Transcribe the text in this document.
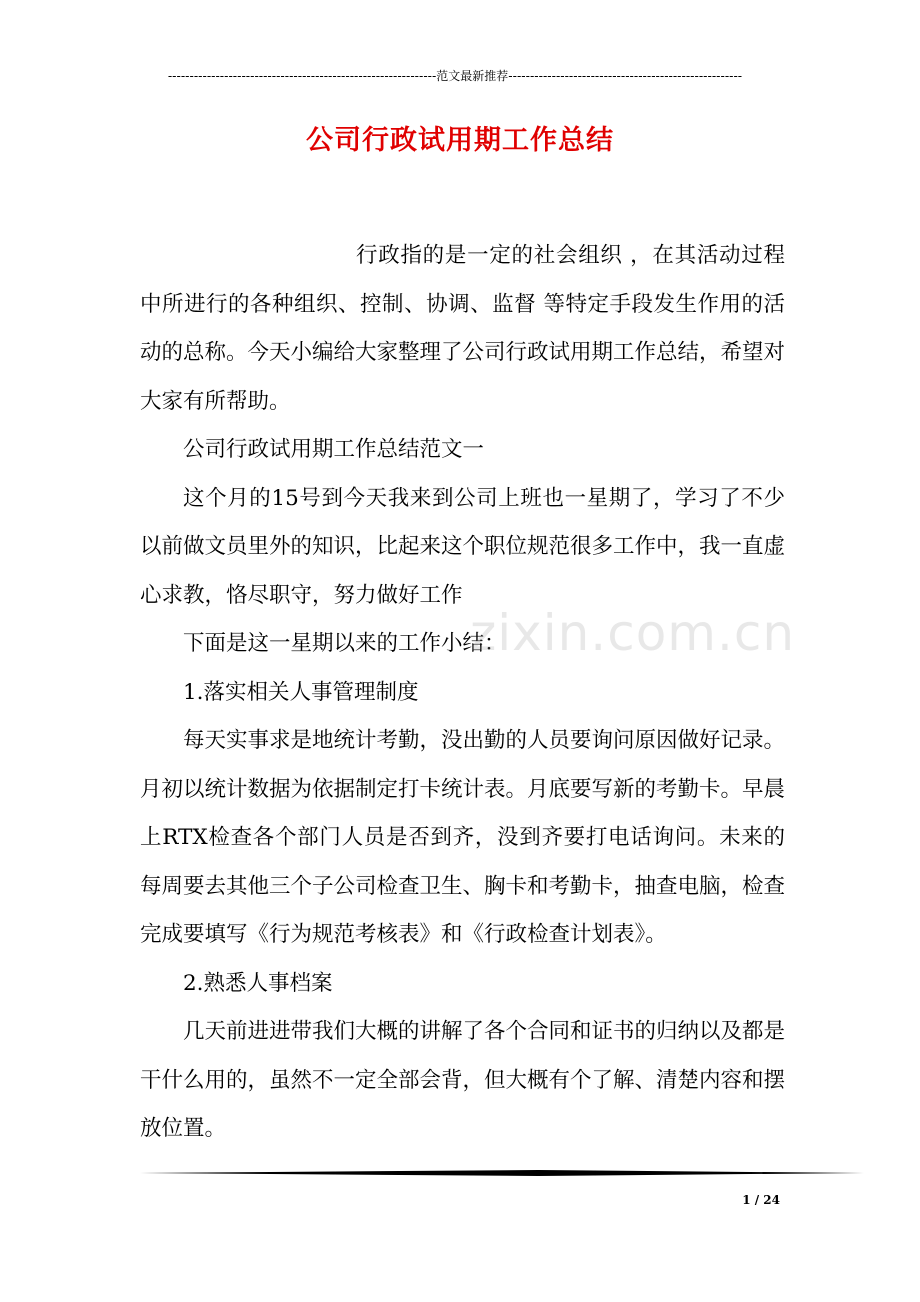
--------------------------------------------------------------范文最新推荐------------------------------------------------------
公司行政试用期工作总结

行政指的是一定的社会组织 ，在其活动过程中所进行的各种组织、控制、协调、监督 等特定手段发生作用的活动的总称。今天小编给大家整理了公司行政试用期工作总结，希望对大家有所帮助。

公司行政试用期工作总结范文一

这个月的15号到今天我来到公司上班也一星期了，学习了不少以前做文员里外的知识，比起来这个职位规范很多工作中，我一直虚心求教，恪尽职守，努力做好工作

下面是这一星期以来的工作小结：

1.落实相关人事管理制度

每天实事求是地统计考勤，没出勤的人员要询问原因做好记录。月初以统计数据为依据制定打卡统计表。月底要写新的考勤卡。早晨上RTX检查各个部门人员是否到齐，没到齐要打电话询问。未来的每周要去其他三个子公司检查卫生、胸卡和考勤卡，抽查电脑，检查完成要填写《行为规范考核表》和《行政检查计划表》。

2.熟悉人事档案

几天前进进带我们大概的讲解了各个合同和证书的归纳以及都是干什么用的，虽然不一定全部会背，但大概有个了解、清楚内容和摆放位置。

zixin.com.cn
1 / 24
